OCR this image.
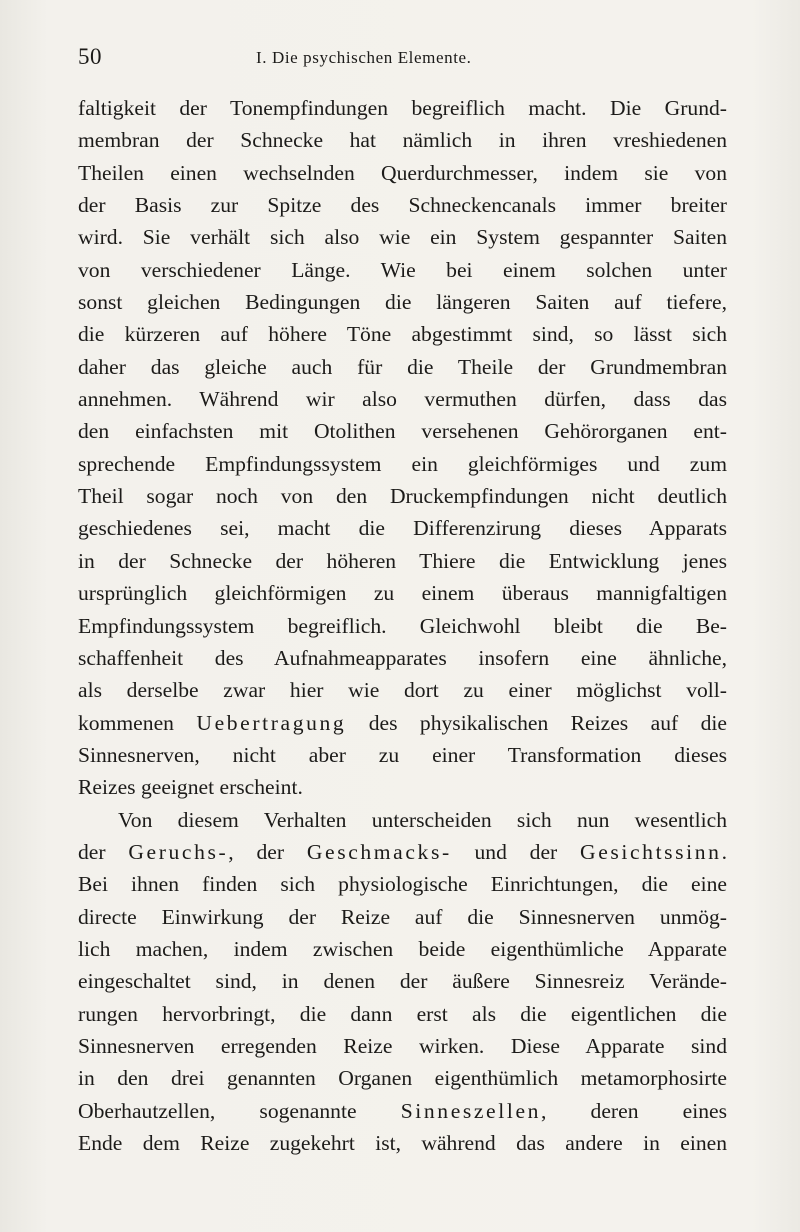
50	I. Die psychischen Elemente.
faltigkeit der Tonempfindungen begreiflich macht. Die Grund-
membran der Schnecke hat nämlich in ihren vreshiedenen
Theilen einen wechselnden Querdurchmesser, indem sie von
der Basis zur Spitze des Schneckencanals immer breiter
wird. Sie verhält sich also wie ein System gespannter Saiten
von verschiedener Länge. Wie bei einem solchen unter
sonst gleichen Bedingungen die längeren Saiten auf tiefere,
die kürzeren auf höhere Töne abgestimmt sind, so lässt sich
daher das gleiche auch für die Theile der Grundmembran
annehmen. Während wir also vermuthen dürfen, dass das
den einfachsten mit Otolithen versehenen Gehörorganen ent-
sprechende Empfindungssystem ein gleichförmiges und zum
Theil sogar noch von den Druckempfindungen nicht deutlich
geschiedenes sei, macht die Differenzirung dieses Apparats
in der Schnecke der höheren Thiere die Entwicklung jenes
ursprünglich gleichförmigen zu einem überaus mannigfaltigen
Empfindungssystem begreiflich. Gleichwohl bleibt die Be-
schaffenheit des Aufnahmeapparates insofern eine ähnliche,
als derselbe zwar hier wie dort zu einer möglichst voll-
kommenen Uebertragung des physikalischen Reizes auf die
Sinnesnerven, nicht aber zu einer Transformation dieses
Reizes geeignet erscheint.
Von diesem Verhalten unterscheiden sich nun wesentlich
der Geruchs-, der Geschmacks- und der Gesichtssinn.
Bei ihnen finden sich physiologische Einrichtungen, die eine
directe Einwirkung der Reize auf die Sinnesnerven unmög-
lich machen, indem zwischen beide eigenthümliche Apparate
eingeschaltet sind, in denen der äußere Sinnesreiz Verände-
rungen hervorbringt, die dann erst als die eigentlichen die
Sinnesnerven erregenden Reize wirken. Diese Apparate sind
in den drei genannten Organen eigenthümlich metamorphosirte
Oberhautzellen, sogenannte Sinneszellen, deren eines
Ende dem Reize zugekehrt ist, während das andere in einen
